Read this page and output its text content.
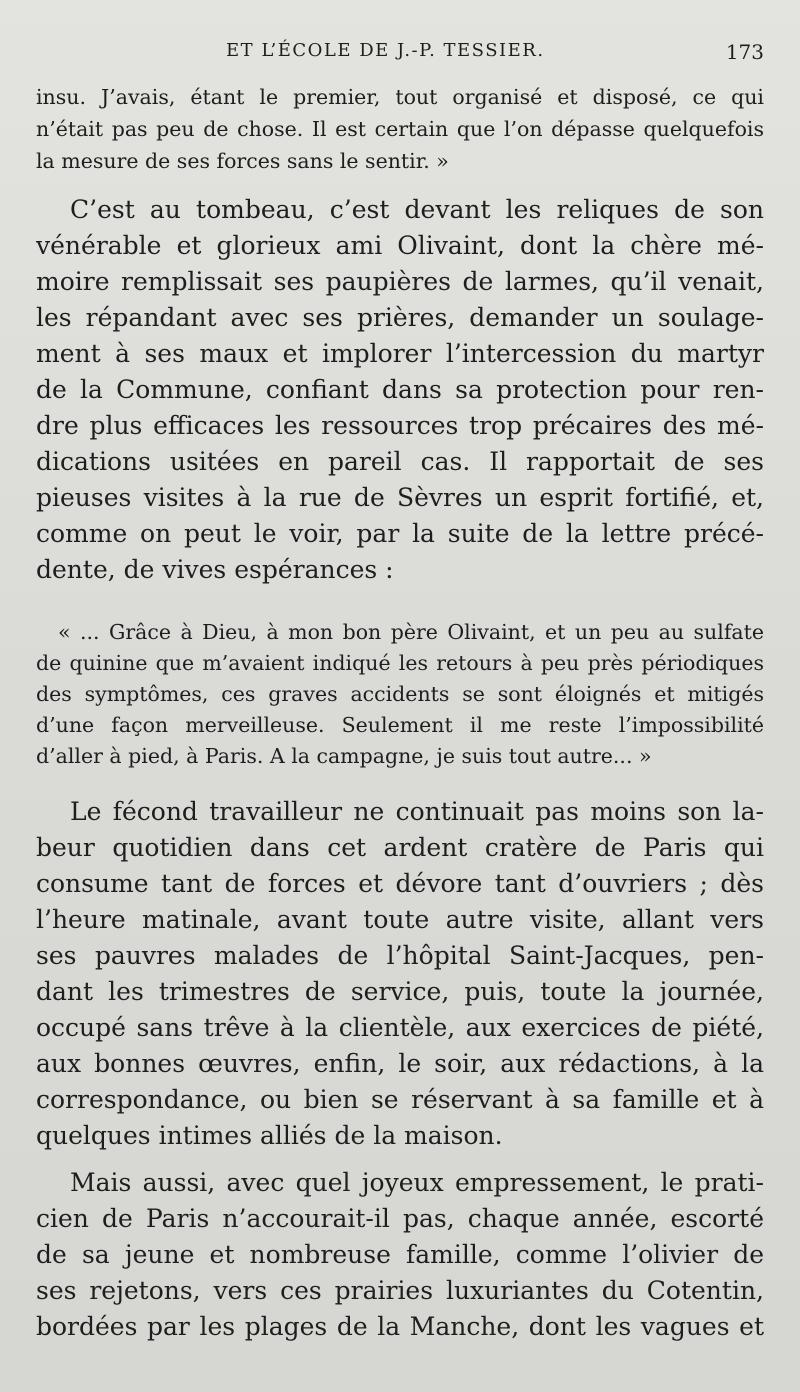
ET L’ÉCOLE DE J.-P. TESSIER.	173
insu. J’avais, étant le premier, tout organisé et disposé, ce qui
n’était pas peu de chose. Il est certain que l’on dépasse quelquefois
la mesure de ses forces sans le sentir. »
C’est au tombeau, c’est devant les reliques de son
vénérable et glorieux ami Olivaint, dont la chère mé-
moire remplissait ses paupières de larmes, qu’il venait,
les répandant avec ses prières, demander un soulage-
ment à ses maux et implorer l’intercession du martyr
de la Commune, confiant dans sa protection pour ren-
dre plus efficaces les ressources trop précaires des mé-
dications usitées en pareil cas. Il rapportait de ses
pieuses visites à la rue de Sèvres un esprit fortifié, et,
comme on peut le voir, par la suite de la lettre précé-
dente, de vives espérances :
« ... Grâce à Dieu, à mon bon père Olivaint, et un peu au sulfate
de quinine que m’avaient indiqué les retours à peu près périodiques
des symptômes, ces graves accidents se sont éloignés et mitigés
d’une façon merveilleuse. Seulement il me reste l’impossibilité
d’aller à pied, à Paris. A la campagne, je suis tout autre... »
Le fécond travailleur ne continuait pas moins son la-
beur quotidien dans cet ardent cratère de Paris qui
consume tant de forces et dévore tant d’ouvriers ; dès
l’heure matinale, avant toute autre visite, allant vers
ses pauvres malades de l’hôpital Saint-Jacques, pen-
dant les trimestres de service, puis, toute la journée,
occupé sans trêve à la clientèle, aux exercices de piété,
aux bonnes œuvres, enfin, le soir, aux rédactions, à la
correspondance, ou bien se réservant à sa famille et à
quelques intimes alliés de la maison.
Mais aussi, avec quel joyeux empressement, le prati-
cien de Paris n’accourait-il pas, chaque année, escorté
de sa jeune et nombreuse famille, comme l’olivier de
ses rejetons, vers ces prairies luxuriantes du Cotentin,
bordées par les plages de la Manche, dont les vagues et
